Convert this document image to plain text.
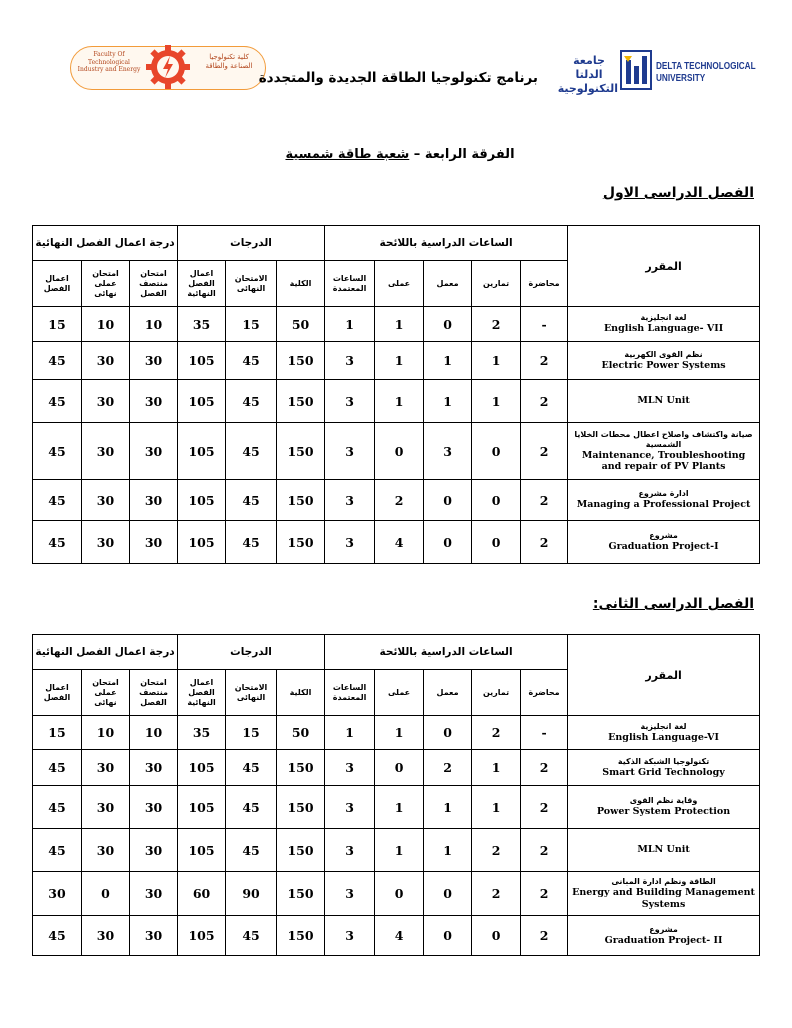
Faculty Of Technological Industry and Energy
كلية تكنولوجيا الصناعة والطاقة
برنامج تكنولوجيا الطاقة الجديدة والمتجددة
جامعة الدلتا
التكنولوجية
DELTA TECHNOLOGICAL
UNIVERSITY
الفرقة الرابعة – شعبة طاقة شمسية
الفصل الدراسى الاول
درجة اعمال الفصل النهائية			الدرجات			الساعات الدراسية باللائحة					المقرر
اعمال الفصل	امتحان عملى نهائى	امتحان منتصف الفصل	اعمال الفصل النهائية	الامتحان النهائى	الكلية	الساعات المعتمدة	عملى	معمل	تمارين	محاضرة	
15	10	10	35	15	50	1	1	0	2	-	لغة انجليزية
English Language- VII

45	30	30	105	45	150	3	1	1	1	2	نظم القوى الكهربية
Electric Power Systems

45	30	30	105	45	150	3	1	1	1	2	MLN Unit

45	30	30	105	45	150	3	0	3	0	2	صيانة واكتشاف واصلاح اعطال محطات الخلايا الشمسية
Maintenance, Troubleshooting and repair of PV Plants

45	30	30	105	45	150	3	2	0	0	2	ادارة مشروع
Managing a Professional Project

45	30	30	105	45	150	3	4	0	0	2	مشروع
Graduation Project-I
الفصل الدراسى الثانى:
درجة اعمال الفصل النهائية			الدرجات			الساعات الدراسية باللائحة					المقرر
اعمال الفصل	امتحان عملى نهائى	امتحان منتصف الفصل	اعمال الفصل النهائية	الامتحان النهائى	الكلية	الساعات المعتمدة	عملى	معمل	تمارين	محاضرة	
15	10	10	35	15	50	1	1	0	2	-	لغة انجليزية
English Language-VI

45	30	30	105	45	150	3	0	2	1	2	تكنولوجيا الشبكة الذكية
Smart Grid Technology

45	30	30	105	45	150	3	1	1	1	2	وقاية نظم القوى
Power System Protection

45	30	30	105	45	150	3	1	1	2	2	MLN Unit

30	0	30	60	90	150	3	0	0	2	2	الطاقة ونظم ادارة المبانى
Energy and Building Management Systems

45	30	30	105	45	150	3	4	0	0	2	مشروع
Graduation Project- II
